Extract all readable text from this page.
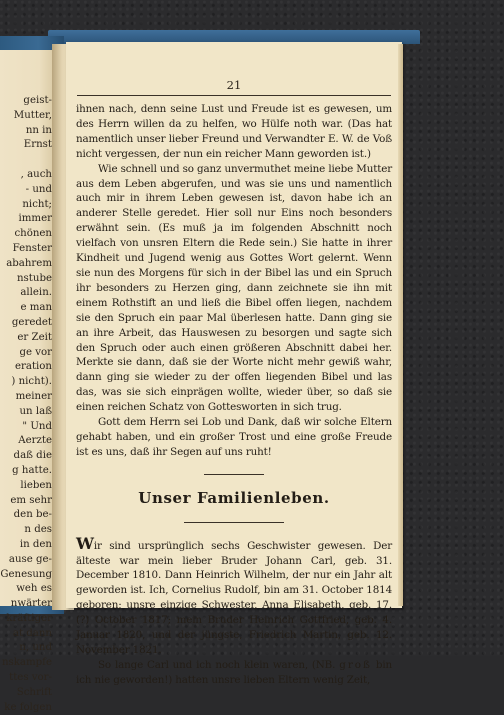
geist-
Mutter,
nn in
Ernst
, auch
- und
nicht;
immer
chönen
Fenster
abahrem
nstube
allein.
e man
geredet
er Zeit
ge vor
eration
) nicht).
meiner
un laß
" Und
Aerzte
daß die
g hatte.
lieben
em sehr
den be-
n des
in den
ause ge-
Genesung
weh es
nwärter
kräftiger
at dann
n, und
nskampfe
ttes vor-
Schrift
ke folgen
21

ihnen nach, denn seine Lust und Freude ist es gewesen, um des Herrn willen da zu helfen, wo Hülfe noth war. (Das hat namentlich unser lieber Freund und Verwandter E. W. de Voß nicht vergessen, der nun ein reicher Mann geworden ist.)

Wie schnell und so ganz unvermuthet meine liebe Mutter aus dem Leben abgerufen, und was sie uns und namentlich auch mir in ihrem Leben gewesen ist, davon habe ich an anderer Stelle geredet. Hier soll nur Eins noch besonders erwähnt sein. (Es muß ja im folgenden Abschnitt noch vielfach von unsren Eltern die Rede sein.) Sie hatte in ihrer Kindheit und Jugend wenig aus Gottes Wort gelernt. Wenn sie nun des Morgens für sich in der Bibel las und ein Spruch ihr besonders zu Herzen ging, dann zeichnete sie ihn mit einem Rothstift an und ließ die Bibel offen liegen, nachdem sie den Spruch ein paar Mal überlesen hatte. Dann ging sie an ihre Arbeit, das Hauswesen zu besorgen und sagte sich den Spruch oder auch einen größeren Abschnitt dabei her. Merkte sie dann, daß sie der Worte nicht mehr gewiß wahr, dann ging sie wieder zu der offen liegenden Bibel und las das, was sie sich einprägen wollte, wieder über, so daß sie einen reichen Schatz von Gottesworten in sich trug.

Gott dem Herrn sei Lob und Dank, daß wir solche Eltern gehabt haben, und ein großer Trost und eine große Freude ist es uns, daß ihr Segen auf uns ruht!

Unser Familienleben.

Wir sind ursprünglich sechs Geschwister gewesen. Der älteste war mein lieber Bruder Johann Carl, geb. 31. December 1810. Dann Heinrich Wilhelm, der nur ein Jahr alt geworden ist. Ich, Cornelius Rudolf, bin am 31. October 1814 geboren; unsre einzige Schwester, Anna Elisabeth, geb. 17. (?) October 1817; mein Bruder Heinrich Gottfried, geb. 4. Januar 1820, und der jüngste, Friedrich Martin, geb. 12. November 1821.

So lange Carl und ich noch klein waren, (NB. groß bin ich nie geworden!) hatten unsre lieben Eltern wenig Zeit,
